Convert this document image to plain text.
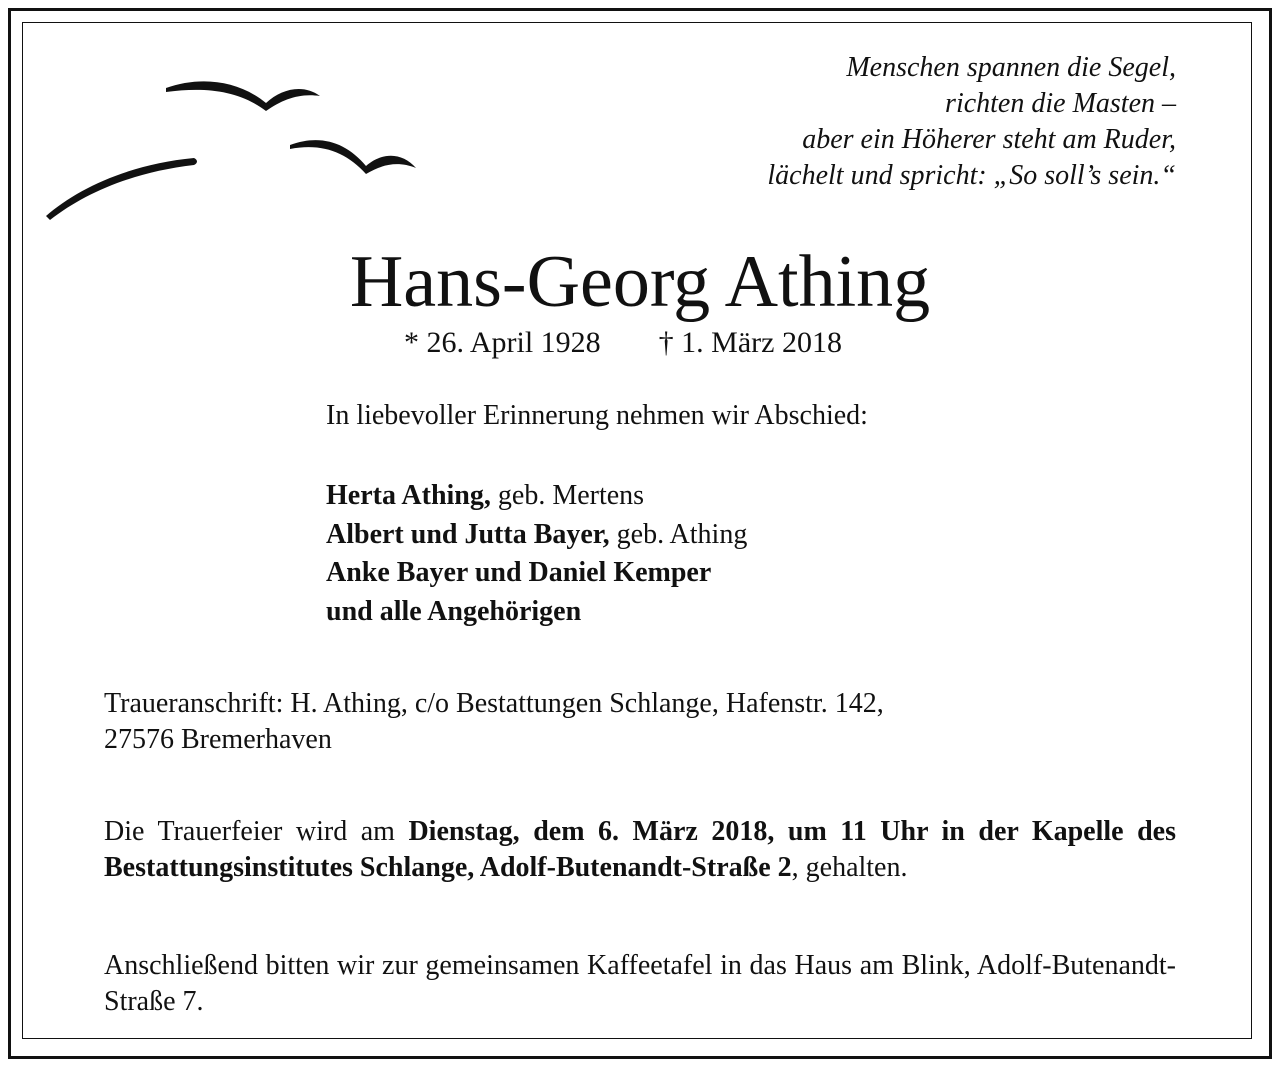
Menschen spannen die Segel,
richten die Masten –
aber ein Höherer steht am Ruder,
lächelt und spricht: „So soll’s sein.“
Hans-Georg Athing
* 26. April 1928 † 1. März 2018
In liebevoller Erinnerung nehmen wir Abschied:
Herta Athing, geb. Mertens
Albert und Jutta Bayer, geb. Athing
Anke Bayer und Daniel Kemper
und alle Angehörigen
Traueranschrift: H. Athing, c/o Bestattungen Schlange, Hafenstr. 142,
27576 Bremerhaven
Die Trauerfeier wird am Dienstag, dem 6. März 2018, um 11 Uhr in der Kapelle des Bestattungsinstitutes Schlange, Adolf-Butenandt-Straße 2, gehalten.
Anschließend bitten wir zur gemeinsamen Kaffeetafel in das Haus am Blink, Adolf-Butenandt-Straße 7.
